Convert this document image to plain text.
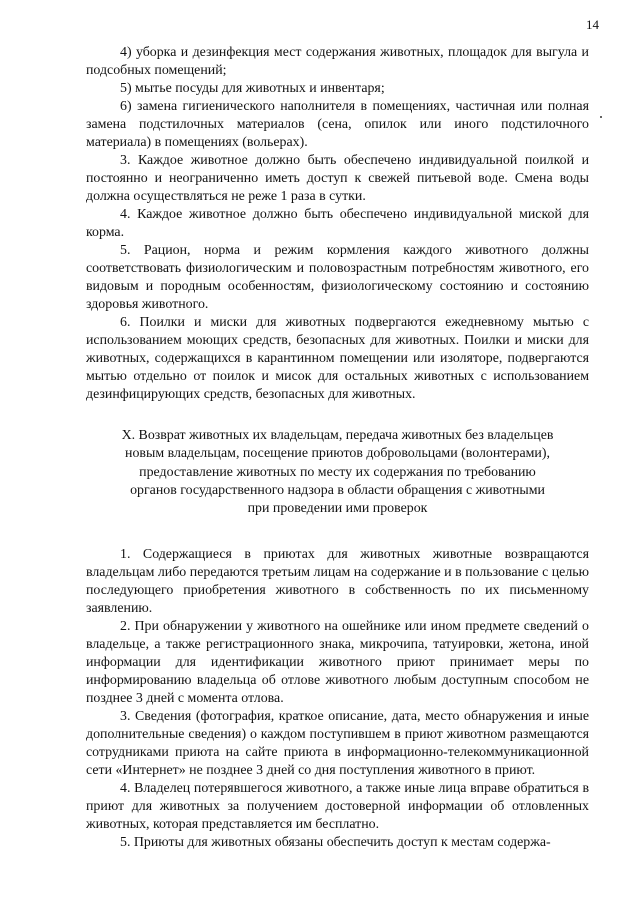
14

4) уборка и дезинфекция мест содержания животных, площадок для выгула и подсобных помещений;

5) мытье посуды для животных и инвентаря;

6) замена гигиенического наполнителя в помещениях, частичная или полная замена подстилочных материалов (сена, опилок или иного подстилочного материала) в помещениях (вольерах).

3. Каждое животное должно быть обеспечено индивидуальной поилкой и постоянно и неограниченно иметь доступ к свежей питьевой воде. Смена воды должна осуществляться не реже 1 раза в сутки.

4. Каждое животное должно быть обеспечено индивидуальной миской для корма.

5. Рацион, норма и режим кормления каждого животного должны соответствовать физиологическим и половозрастным потребностям животного, его видовым и породным особенностям, физиологическому состоянию и состоянию здоровья животного.

6. Поилки и миски для животных подвергаются ежедневному мытью с использованием моющих средств, безопасных для животных. Поилки и миски для животных, содержащихся в карантинном помещении или изоляторе, подвергаются мытью отдельно от поилок и мисок для остальных животных с использованием дезинфицирующих средств, безопасных для животных.

X. Возврат животных их владельцам, передача животных без владельцев
новым владельцам, посещение приютов добровольцами (волонтерами),
предоставление животных по месту их содержания по требованию
органов государственного надзора в области обращения с животными
при проведении ими проверок

1. Содержащиеся в приютах для животных животные возвращаются владельцам либо передаются третьим лицам на содержание и в пользование с целью последующего приобретения животного в собственность по их письменному заявлению.

2. При обнаружении у животного на ошейнике или ином предмете сведений о владельце, а также регистрационного знака, микрочипа, татуировки, жетона, иной информации для идентификации животного приют принимает меры по информированию владельца об отлове животного любым доступным способом не позднее 3 дней с момента отлова.

3. Сведения (фотография, краткое описание, дата, место обнаружения и иные дополнительные сведения) о каждом поступившем в приют животном размещаются сотрудниками приюта на сайте приюта в информационно-телекоммуникационной сети «Интернет» не позднее 3 дней со дня поступления животного в приют.

4. Владелец потерявшегося животного, а также иные лица вправе обратиться в приют для животных за получением достоверной информации об отловленных животных, которая представляется им бесплатно.

5. Приюты для животных обязаны обеспечить доступ к местам содержа-
